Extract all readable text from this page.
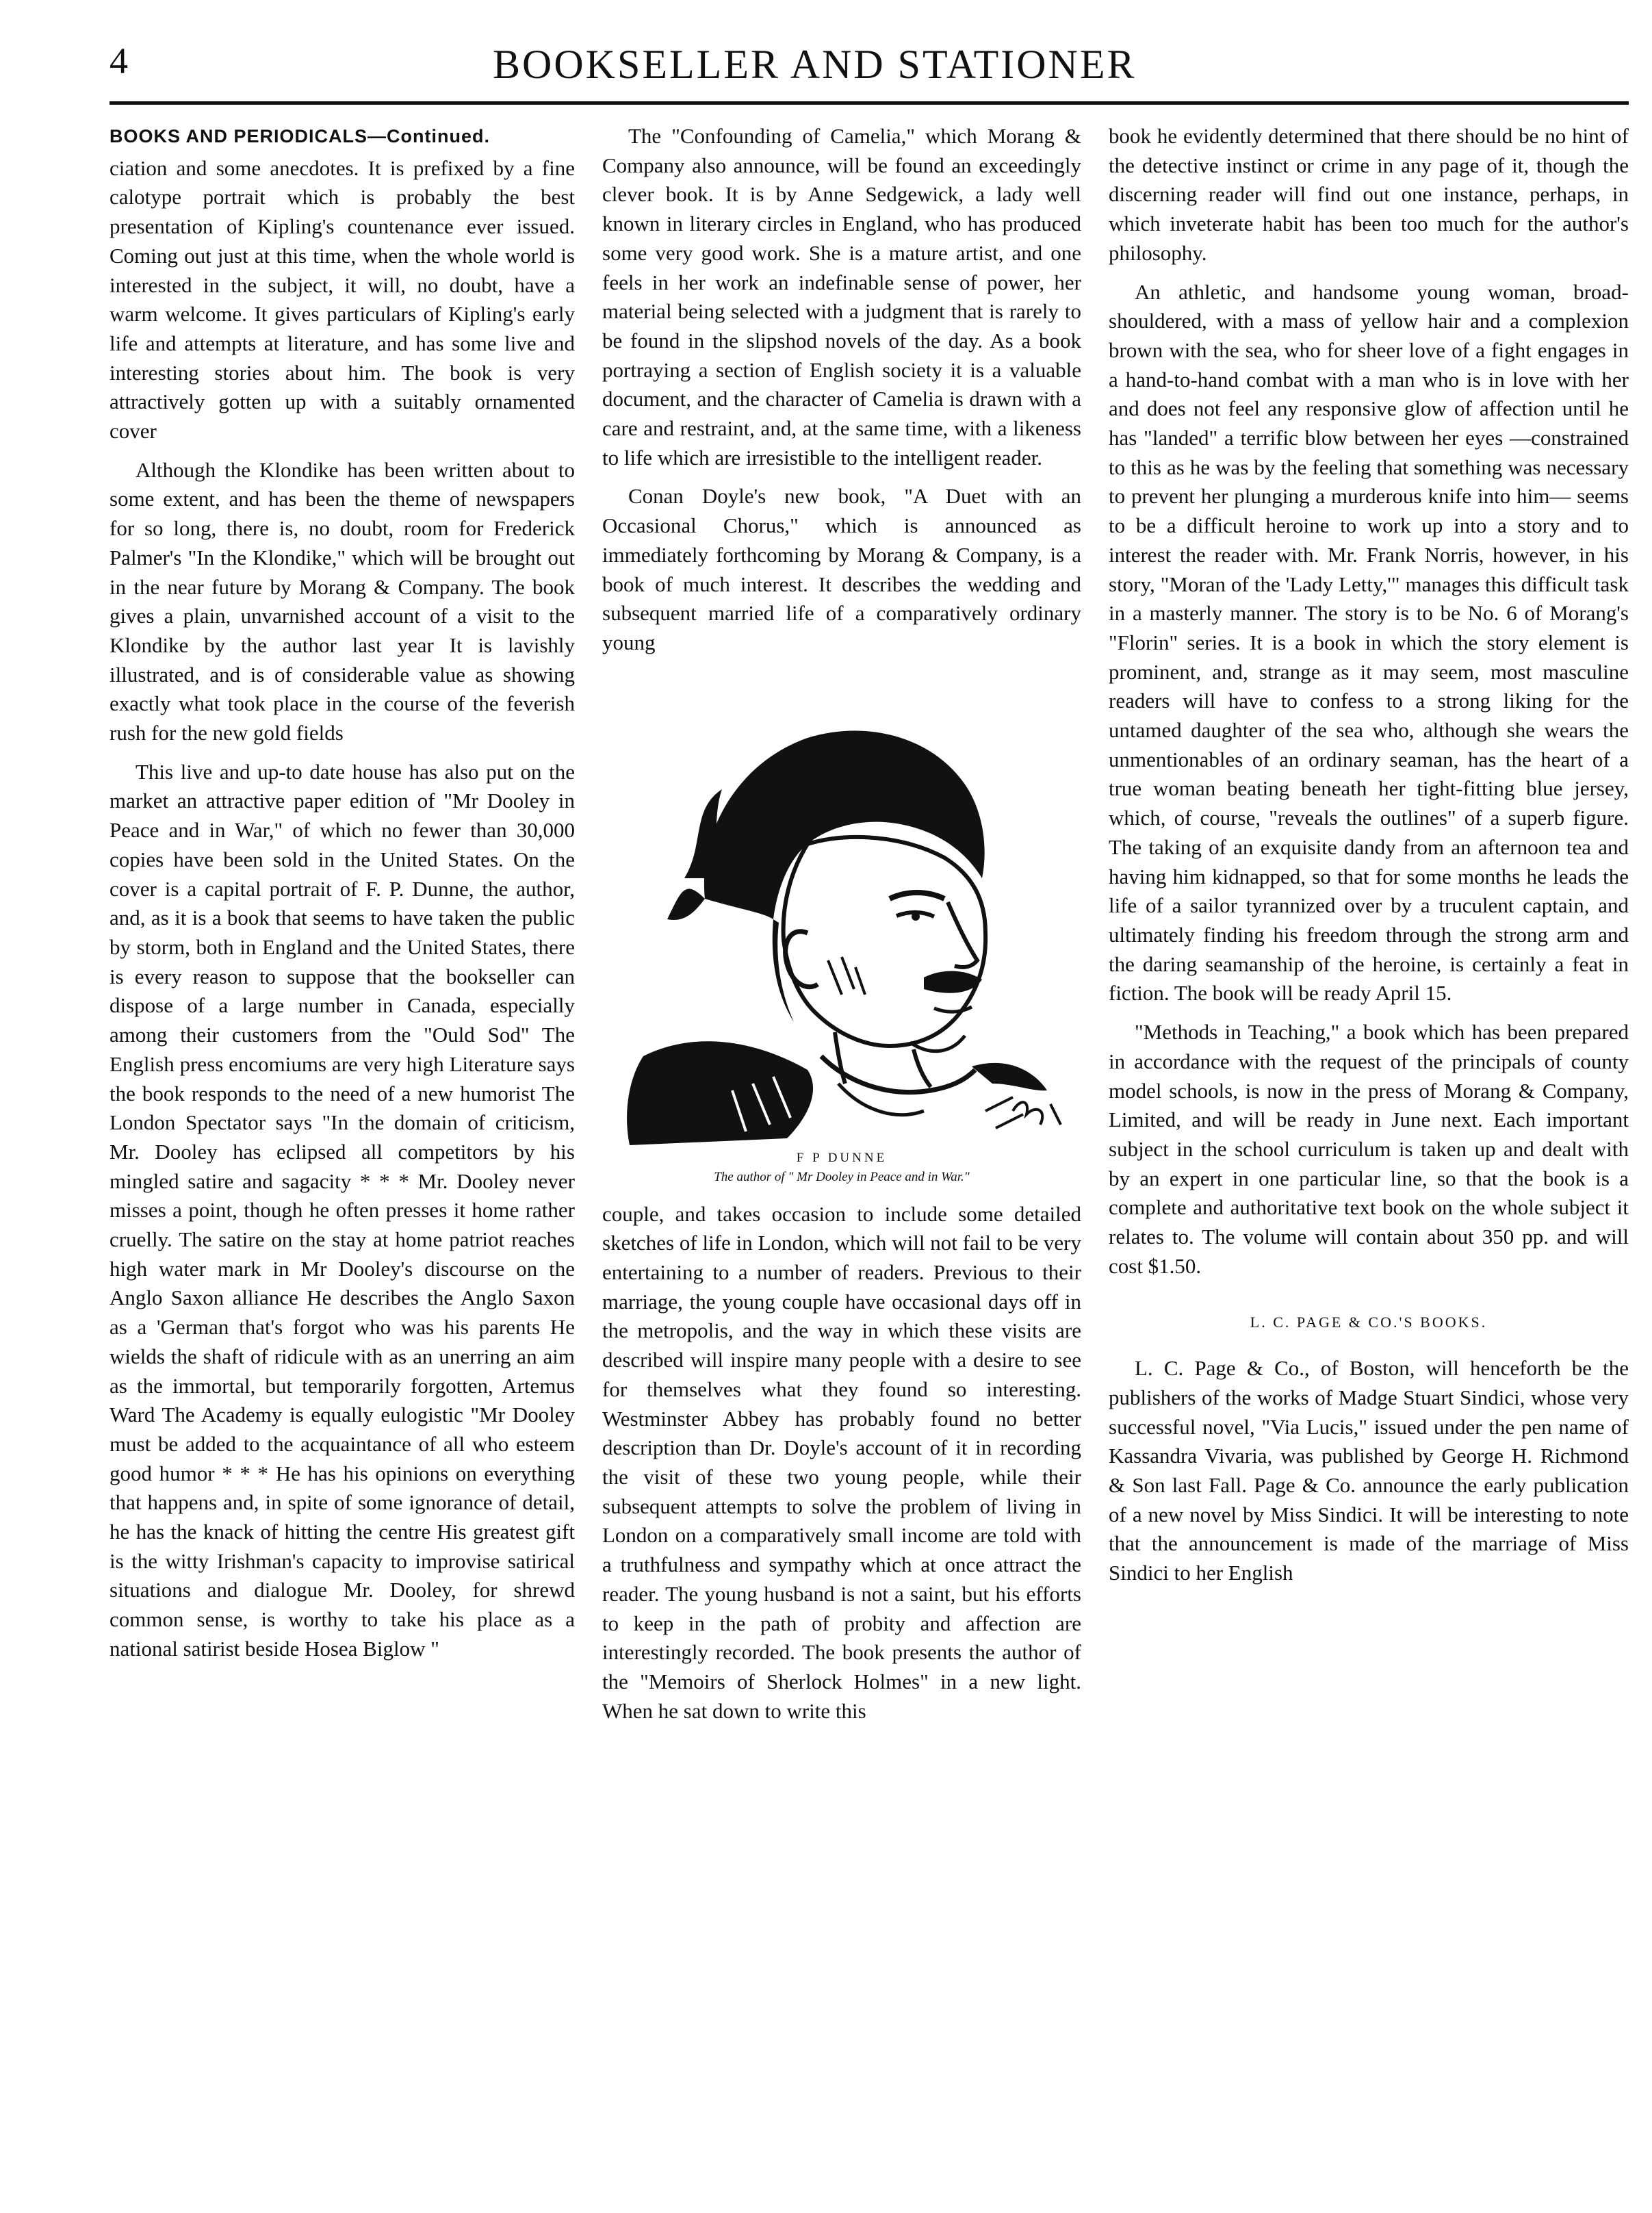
4	BOOKSELLER AND STATIONER
BOOKS AND PERIODICALS—Continued.

ciation and some anecdotes. It is prefixed by a fine calotype portrait which is probably the best presentation of Kipling's countenance ever issued. Coming out just at this time, when the whole world is interested in the subject, it will, no doubt, have a warm welcome. It gives particulars of Kipling's early life and attempts at literature, and has some live and interesting stories about him. The book is very attractively gotten up with a suitably ornamented cover

Although the Klondike has been written about to some extent, and has been the theme of newspapers for so long, there is, no doubt, room for Frederick Palmer's "In the Klondike," which will be brought out in the near future by Morang & Company. The book gives a plain, unvarnished account of a visit to the Klondike by the author last year It is lavishly illustrated, and is of considerable value as showing exactly what took place in the course of the feverish rush for the new gold fields

This live and up-to date house has also put on the market an attractive paper edition of "Mr Dooley in Peace and in War," of which no fewer than 30,000 copies have been sold in the United States. On the cover is a capital portrait of F. P. Dunne, the author, and, as it is a book that seems to have taken the public by storm, both in England and the United States, there is every reason to suppose that the bookseller can dispose of a large number in Canada, especially among their customers from the "Ould Sod" The English press encomiums are very high Literature says the book responds to the need of a new humorist The London Spectator says "In the domain of criticism, Mr. Dooley has eclipsed all competitors by his mingled satire and sagacity * * * Mr. Dooley never misses a point, though he often presses it home rather cruelly. The satire on the stay at home patriot reaches high water mark in Mr Dooley's discourse on the Anglo Saxon alliance He describes the Anglo Saxon as a 'German that's forgot who was his parents He wields the shaft of ridicule with as an unerring an aim as the immortal, but temporarily forgotten, Artemus Ward The Academy is equally eulogistic "Mr Dooley must be added to the acquaintance of all who esteem good humor * * * He has his opinions on everything that happens and, in spite of some ignorance of detail, he has the knack of hitting the centre His greatest gift is the witty Irishman's capacity to improvise satirical situations and dialogue Mr. Dooley, for shrewd common sense, is worthy to take his place as a national satirist beside Hosea Biglow "

The "Confounding of Camelia," which Morang & Company also announce, will be found an exceedingly clever book. It is by Anne Sedgewick, a lady well known in literary circles in England, who has produced some very good work. She is a mature artist, and one feels in her work an indefinable sense of power, her material being selected with a judgment that is rarely to be found in the slipshod novels of the day. As a book portraying a section of English society it is a valuable document, and the character of Camelia is drawn with a care and restraint, and, at the same time, with a likeness to life which are irresistible to the intelligent reader.

Conan Doyle's new book, "A Duet with an Occasional Chorus," which is announced as immediately forthcoming by Morang & Company, is a book of much interest. It describes the wedding and subsequent married life of a comparatively ordinary young

F P DUNNE
The author of " Mr Dooley in Peace and in War."

couple, and takes occasion to include some detailed sketches of life in London, which will not fail to be very entertaining to a number of readers. Previous to their marriage, the young couple have occasional days off in the metropolis, and the way in which these visits are described will inspire many people with a desire to see for themselves what they found so interesting. Westminster Abbey has probably found no better description than Dr. Doyle's account of it in recording the visit of these two young people, while their subsequent attempts to solve the problem of living in London on a comparatively small income are told with a truthfulness and sympathy which at once attract the reader. The young husband is not a saint, but his efforts to keep in the path of probity and affection are interestingly recorded. The book presents the author of the "Memoirs of Sherlock Holmes" in a new light. When he sat down to write this

book he evidently determined that there should be no hint of the detective instinct or crime in any page of it, though the discerning reader will find out one instance, perhaps, in which inveterate habit has been too much for the author's philosophy.

An athletic, and handsome young woman, broad-shouldered, with a mass of yellow hair and a complexion brown with the sea, who for sheer love of a fight engages in a hand-to-hand combat with a man who is in love with her and does not feel any responsive glow of affection until he has "landed" a terrific blow between her eyes —constrained to this as he was by the feeling that something was necessary to prevent her plunging a murderous knife into him— seems to be a difficult heroine to work up into a story and to interest the reader with. Mr. Frank Norris, however, in his story, "Moran of the 'Lady Letty,'" manages this difficult task in a masterly manner. The story is to be No. 6 of Morang's "Florin" series. It is a book in which the story element is prominent, and, strange as it may seem, most masculine readers will have to confess to a strong liking for the untamed daughter of the sea who, although she wears the unmentionables of an ordinary seaman, has the heart of a true woman beating beneath her tight-fitting blue jersey, which, of course, "reveals the outlines" of a superb figure. The taking of an exquisite dandy from an afternoon tea and having him kidnapped, so that for some months he leads the life of a sailor tyrannized over by a truculent captain, and ultimately finding his freedom through the strong arm and the daring seamanship of the heroine, is certainly a feat in fiction. The book will be ready April 15.

"Methods in Teaching," a book which has been prepared in accordance with the request of the principals of county model schools, is now in the press of Morang & Company, Limited, and will be ready in June next. Each important subject in the school curriculum is taken up and dealt with by an expert in one particular line, so that the book is a complete and authoritative text book on the whole subject it relates to. The volume will contain about 350 pp. and will cost $1.50.

L. C. PAGE & CO.'S BOOKS.

L. C. Page & Co., of Boston, will henceforth be the publishers of the works of Madge Stuart Sindici, whose very successful novel, "Via Lucis," issued under the pen name of Kassandra Vivaria, was published by George H. Richmond & Son last Fall. Page & Co. announce the early publication of a new novel by Miss Sindici. It will be interesting to note that the announcement is made of the marriage of Miss Sindici to her English
